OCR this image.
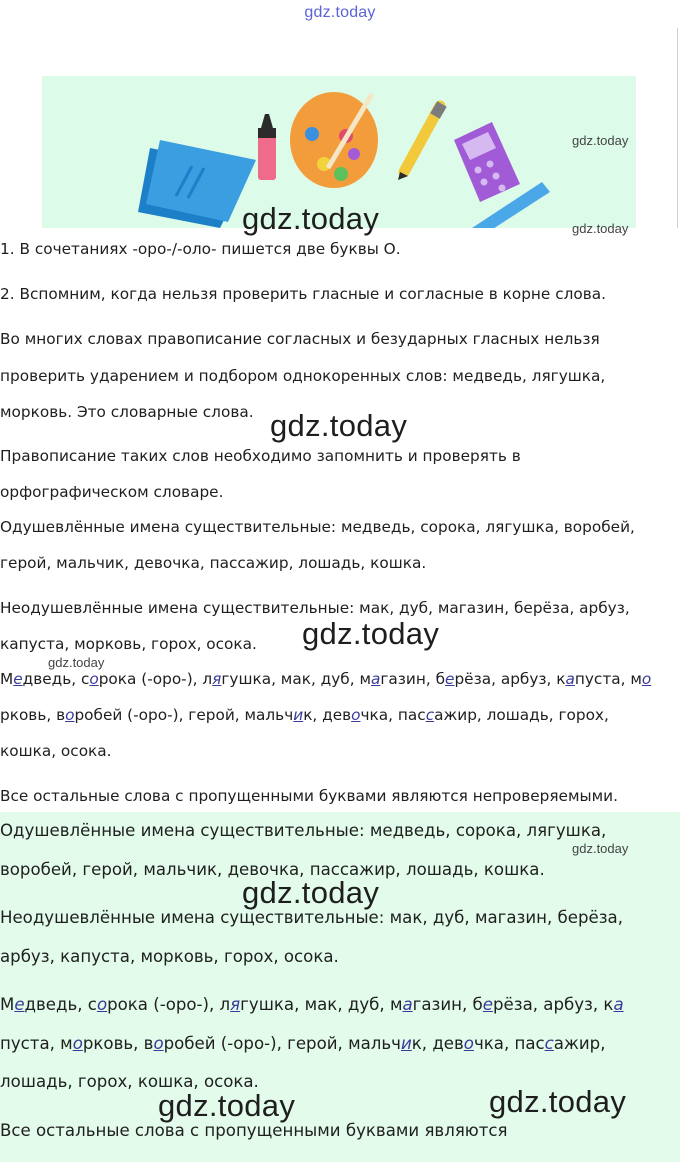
gdz.today
gdz.today
gdz.today
gdz.today
1. В сочетаниях -оро-/-оло- пишется две буквы О.
2. Вспомним, когда нельзя проверить гласные и согласные в корне слова.
Во многих словах правописание согласных и безударных гласных нельзя
проверить ударением и подбором однокоренных слов: медведь, лягушка,
морковь. Это словарные слова. gdz.today
Правописание таких слов необходимо запомнить и проверять в
орфографическом словаре.
Одушевлённые имена существительные: медведь, сорока, лягушка, воробей,
герой, мальчик, девочка, пассажир, лошадь, кошка.
Неодушевлённые имена существительные: мак, дуб, магазин, берёза, арбуз,
капуста, морковь, горох, осока. gdz.today
gdz.today
Медведь, сорока (-оро-), лягушка, мак, дуб, магазин, берёза, арбуз, капуста, мо
рковь, воробей (-оро-), герой, мальчик, девочка, пассажир, лошадь, горох,
кошка, осока.
Все остальные слова с пропущенными буквами являются непроверяемыми.
Одушевлённые имена существительные: медведь, сорока, лягушка,
gdz.today
воробей, герой, мальчик, девочка, пассажир, лошадь, кошка.
gdz.today
Неодушевлённые имена существительные: мак, дуб, магазин, берёза,
арбуз, капуста, морковь, горох, осока.
Медведь, сорока (-оро-), лягушка, мак, дуб, магазин, берёза, арбуз, ка
пуста, морковь, воробей (-оро-), герой, мальчик, девочка, пассажир,
лошадь, горох, кошка, осока.
gdz.today	gdz.today
Все остальные слова с пропущенными буквами являются
